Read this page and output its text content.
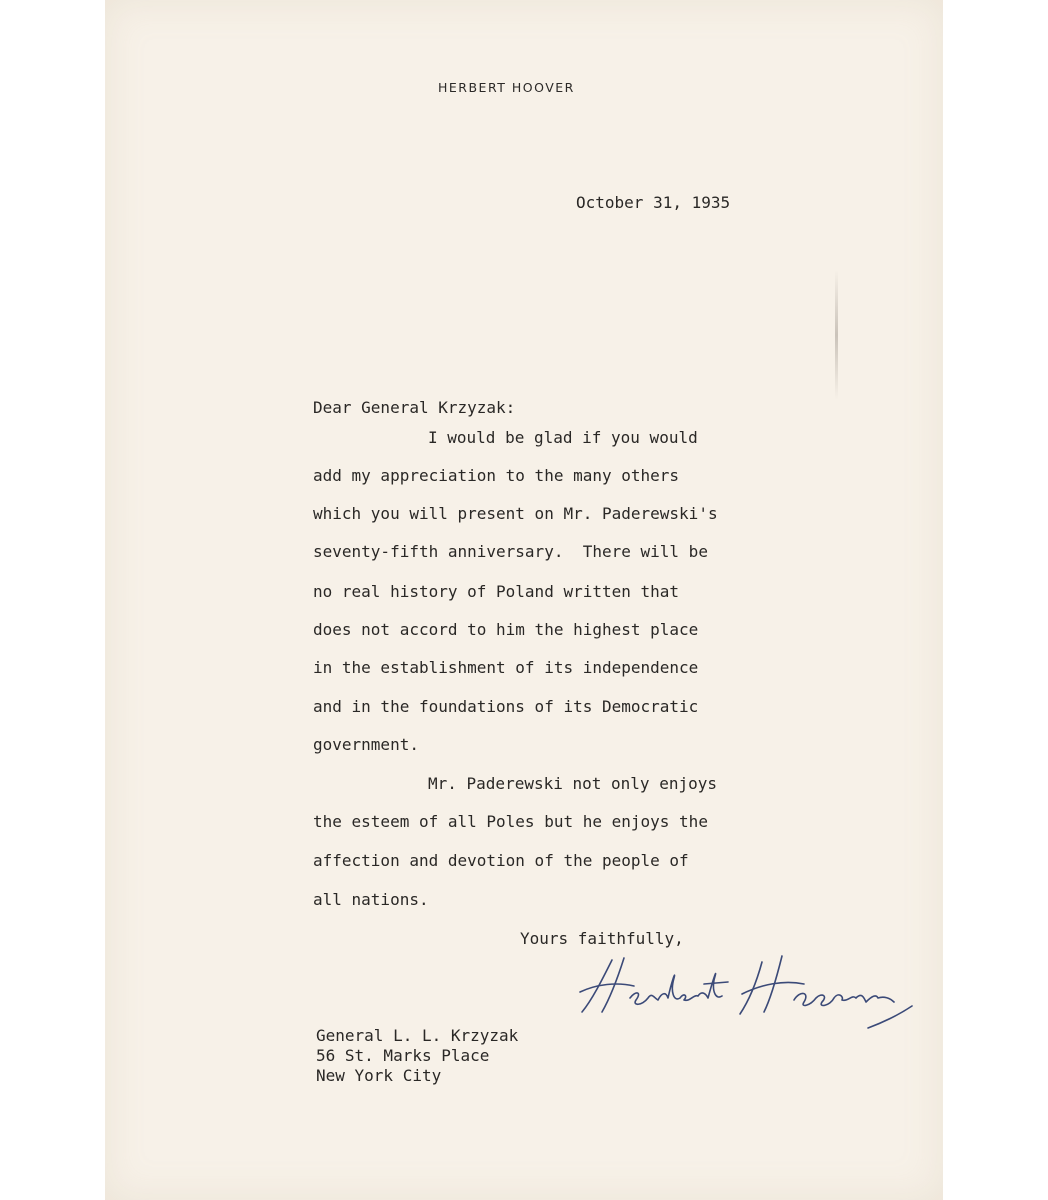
HERBERT HOOVER
October 31, 1935
Dear General Krzyzak:
I would be glad if you would
add my appreciation to the many others
which you will present on Mr. Paderewski's
seventy-fifth anniversary.  There will be
no real history of Poland written that
does not accord to him the highest place
in the establishment of its independence
and in the foundations of its Democratic
government.
Mr. Paderewski not only enjoys
the esteem of all Poles but he enjoys the
affection and devotion of the people of
all nations.
Yours faithfully,
General L. L. Krzyzak
56 St. Marks Place
New York City
